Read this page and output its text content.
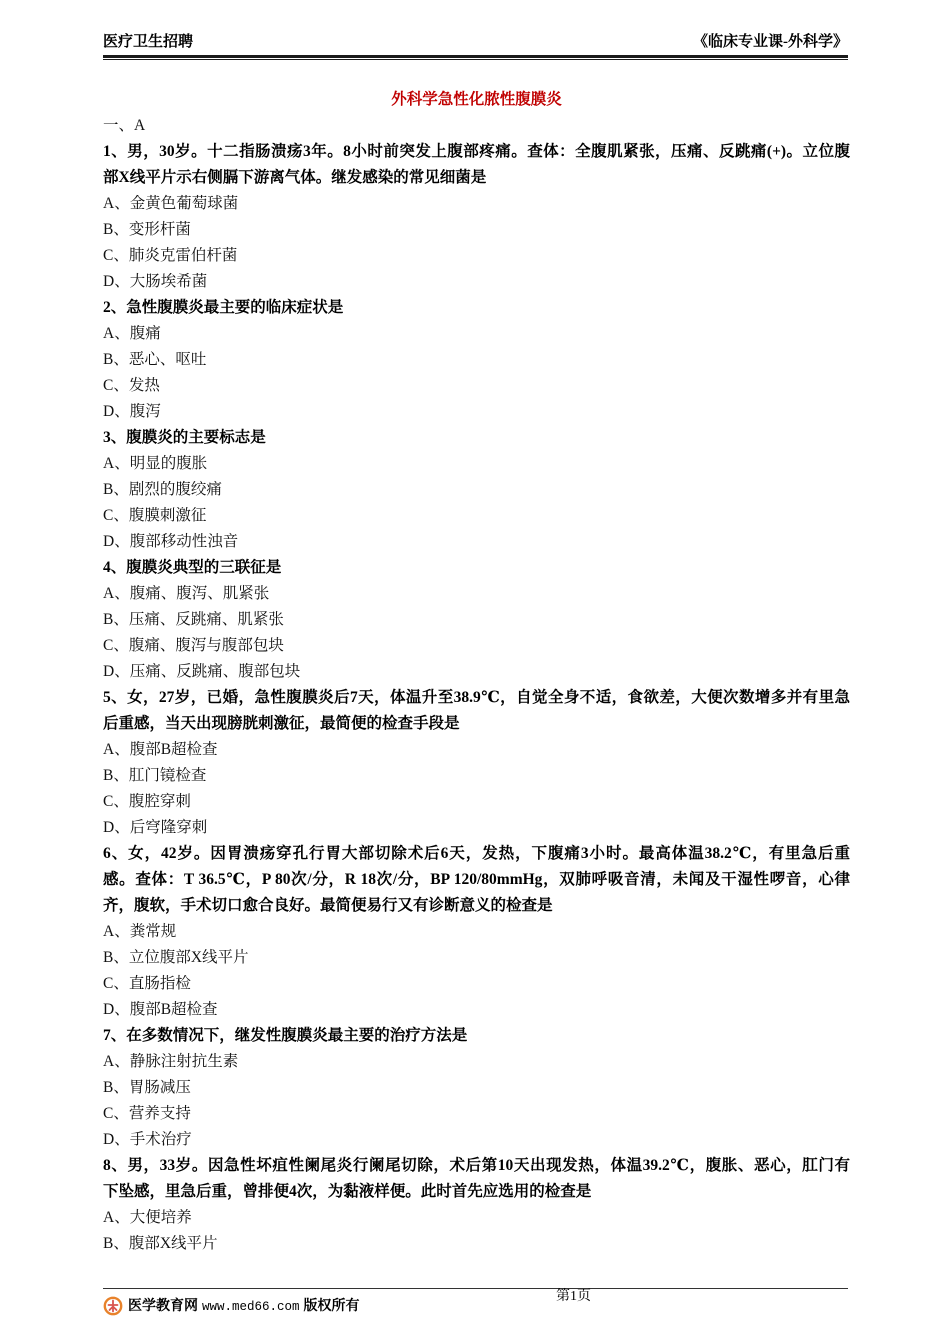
医疗卫生招聘	《临床专业课-外科学》
外科学急性化脓性腹膜炎
一、A
1、男，30岁。十二指肠溃疡3年。8小时前突发上腹部疼痛。查体：全腹肌紧张，压痛、反跳痛(+)。立位腹
部X线平片示右侧膈下游离气体。继发感染的常见细菌是
A、金黄色葡萄球菌
B、变形杆菌
C、肺炎克雷伯杆菌
D、大肠埃希菌
2、急性腹膜炎最主要的临床症状是
A、腹痛
B、恶心、呕吐
C、发热
D、腹泻
3、腹膜炎的主要标志是
A、明显的腹胀
B、剧烈的腹绞痛
C、腹膜刺激征
D、腹部移动性浊音
4、腹膜炎典型的三联征是
A、腹痛、腹泻、肌紧张
B、压痛、反跳痛、肌紧张
C、腹痛、腹泻与腹部包块
D、压痛、反跳痛、腹部包块
5、女，27岁，已婚，急性腹膜炎后7天，体温升至38.9℃，自觉全身不适，食欲差，大便次数增多并有里急
后重感，当天出现膀胱刺激征，最简便的检查手段是
A、腹部B超检查
B、肛门镜检查
C、腹腔穿刺
D、后穹隆穿刺
6、女，42岁。因胃溃疡穿孔行胃大部切除术后6天，发热，下腹痛3小时。最高体温38.2℃，有里急后重
感。查体：T 36.5℃，P 80次/分，R 18次/分，BP 120/80mmHg，双肺呼吸音清，未闻及干湿性啰音，心律
齐，腹软，手术切口愈合良好。最简便易行又有诊断意义的检查是
A、粪常规
B、立位腹部X线平片
C、直肠指检
D、腹部B超检查
7、在多数情况下，继发性腹膜炎最主要的治疗方法是
A、静脉注射抗生素
B、胃肠减压
C、营养支持
D、手术治疗
8、男，33岁。因急性坏疽性阑尾炎行阑尾切除，术后第10天出现发热，体温39.2℃，腹胀、恶心，肛门有
下坠感，里急后重，曾排便4次，为黏液样便。此时首先应选用的检查是
A、大便培养
B、腹部X线平片
第1页
医学教育网 www.med66.com 版权所有
